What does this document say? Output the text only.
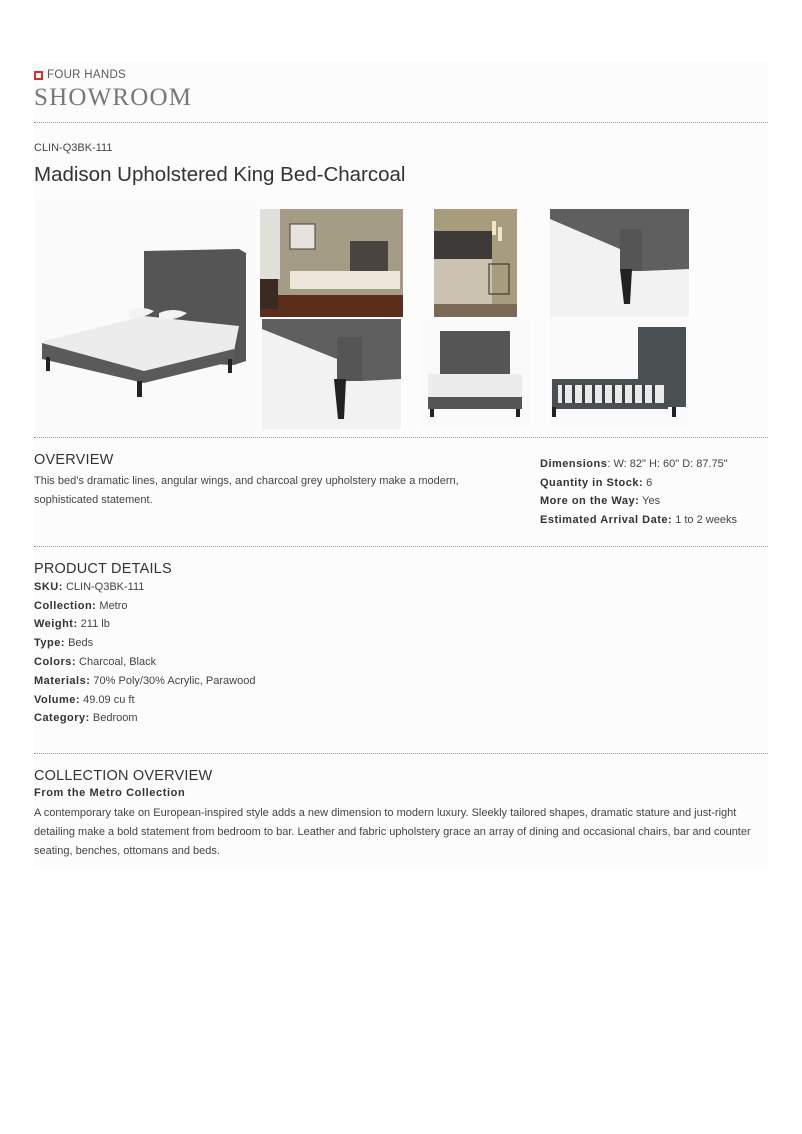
FOUR HANDS
SHOWROOM
CLIN-Q3BK-111
Madison Upholstered King Bed-Charcoal
OVERVIEW
This bed’s dramatic lines, angular wings, and charcoal grey upholstery make a modern, sophisticated statement.
Dimensions: W: 82" H: 60" D: 87.75"
Quantity in Stock: 6
More on the Way: Yes
Estimated Arrival Date: 1 to 2 weeks
PRODUCT DETAILS
SKU: CLIN-Q3BK-111
Collection: Metro
Weight: 211 lb
Type: Beds
Colors: Charcoal, Black
Materials: 70% Poly/30% Acrylic, Parawood
Volume: 49.09 cu ft
Category: Bedroom
COLLECTION OVERVIEW
From the Metro Collection
A contemporary take on European-inspired style adds a new dimension to modern luxury. Sleekly tailored shapes, dramatic stature and just-right detailing make a bold statement from bedroom to bar. Leather and fabric upholstery grace an array of dining and occasional chairs, bar and counter seating, benches, ottomans and beds.
